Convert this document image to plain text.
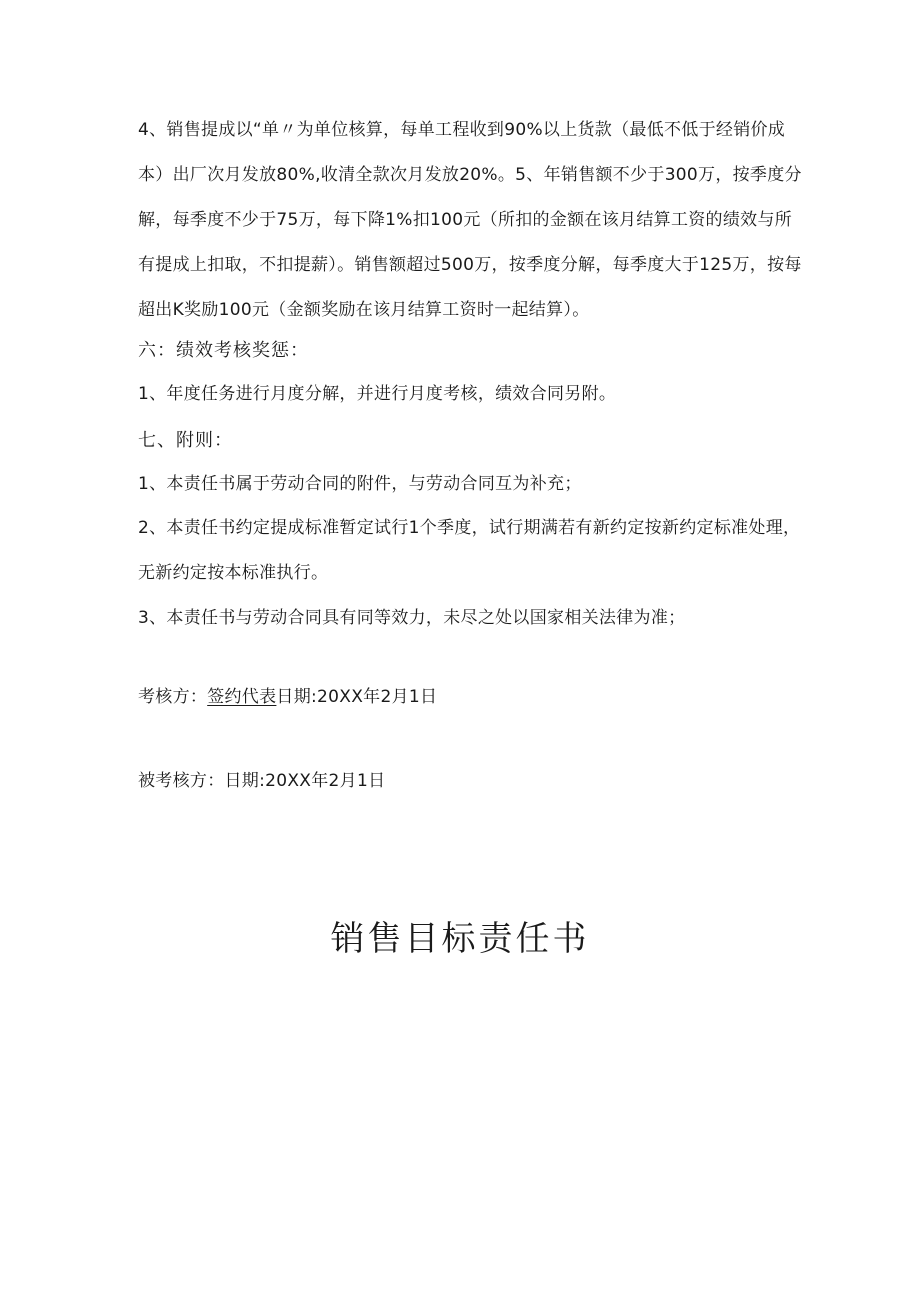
4、销售提成以“单〃为单位核算，每单工程收到90%以上货款（最低不低于经销价成本）出厂次月发放80%,收清全款次月发放20%。5、年销售额不少于300万，按季度分解，每季度不少于75万，每下降1%扣100元（所扣的金额在该月结算工资的绩效与所有提成上扣取，不扣提薪）。销售额超过500万，按季度分解，每季度大于125万，按每超出K奖励100元（金额奖励在该月结算工资时一起结算）。

六：绩效考核奖惩：

1、年度任务进行月度分解，并进行月度考核，绩效合同另附。

七、附则：

1、本责任书属于劳动合同的附件，与劳动合同互为补充；

2、本责任书约定提成标准暂定试行1个季度，试行期满若有新约定按新约定标准处理，无新约定按本标准执行。

3、本责任书与劳动合同具有同等效力，未尽之处以国家相关法律为准；

考核方：签约代表日期:20XX年2月1日
被考核方：日期:20XX年2月1日
销售目标责任书
